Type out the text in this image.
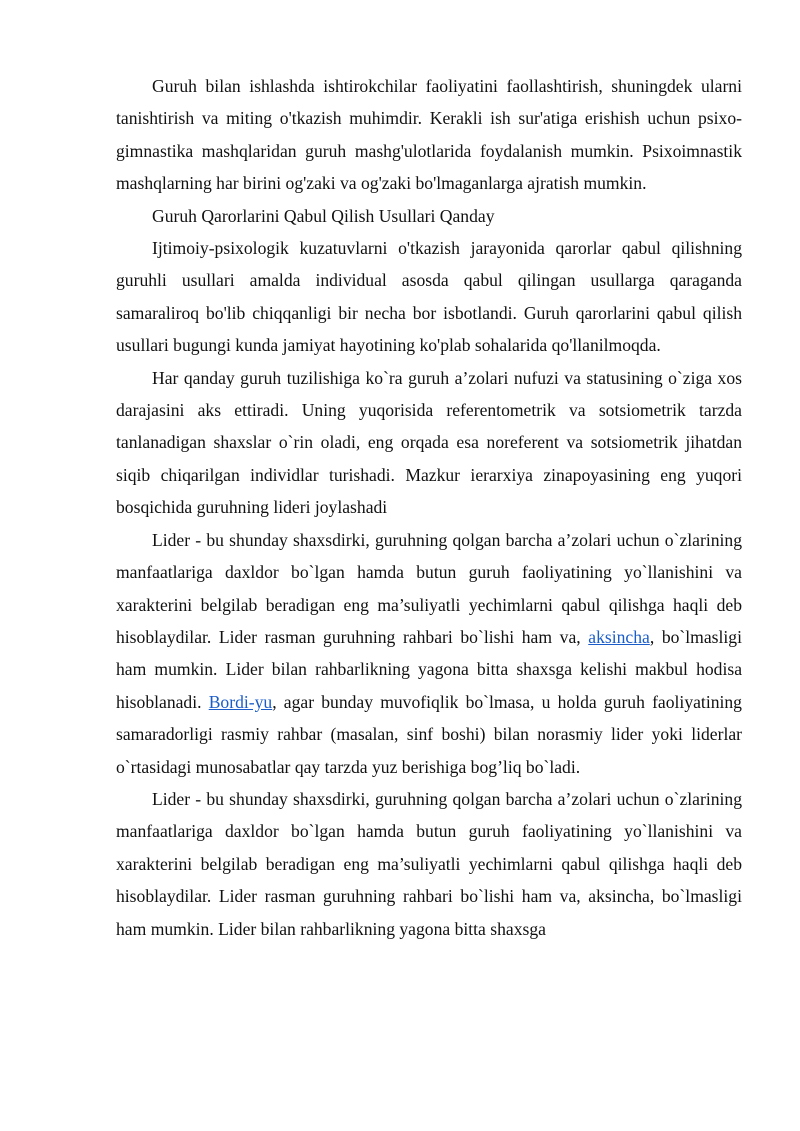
Guruh bilan ishlashda ishtirokchilar faoliyatini faollashtirish, shuningdek ularni tanishtirish va miting o'tkazish muhimdir. Kerakli ish sur'atiga erishish uchun psixo-gimnastika mashqlaridan guruh mashg'ulotlarida foydalanish mumkin. Psixoimnastik mashqlarning har birini og'zaki va og'zaki bo'lmaganlarga ajratish mumkin.

Guruh Qarorlarini Qabul Qilish Usullari Qanday

Ijtimoiy-psixologik kuzatuvlarni o'tkazish jarayonida qarorlar qabul qilishning guruhli usullari amalda individual asosda qabul qilingan usullarga qaraganda samaraliroq bo'lib chiqqanligi bir necha bor isbotlandi. Guruh qarorlarini qabul qilish usullari bugungi kunda jamiyat hayotining ko'plab sohalarida qo'llanilmoqda.

Har qanday guruh tuzilishiga ko`ra guruh a’zolari nufuzi va statusining o`ziga xos darajasini aks ettiradi. Uning yuqorisida referentometrik va sotsiometrik tarzda tanlanadigan shaxslar o`rin oladi, eng orqada esa noreferent va sotsiometrik jihatdan siqib chiqarilgan individlar turishadi. Mazkur ierarxiya zinapoyasining eng yuqori bosqichida guruhning lideri joylashadi

Lider - bu shunday shaxsdirki, guruhning qolgan barcha a’zolari uchun o`zlarining manfaatlariga daxldor bo`lgan hamda butun guruh faoliyatining yo`llanishini va xarakterini belgilab beradigan eng ma’suliyatli yechimlarni qabul qilishga haqli deb hisoblaydilar. Lider rasman guruhning rahbari bo`lishi ham va, aksincha, bo`lmasligi ham mumkin. Lider bilan rahbarlikning yagona bitta shaxsga kelishi makbul hodisa hisoblanadi. Bordi-yu, agar bunday muvofiqlik bo`lmasa, u holda guruh faoliyatining samaradorligi rasmiy rahbar (masalan, sinf boshi) bilan norasmiy lider yoki liderlar o`rtasidagi munosabatlar qay tarzda yuz berishiga bog’liq bo`ladi.

Lider - bu shunday shaxsdirki, guruhning qolgan barcha a’zolari uchun o`zlarining manfaatlariga daxldor bo`lgan hamda butun guruh faoliyatining yo`llanishini va xarakterini belgilab beradigan eng ma’suliyatli yechimlarni qabul qilishga haqli deb hisoblaydilar. Lider rasman guruhning rahbari bo`lishi ham va, aksincha, bo`lmasligi ham mumkin. Lider bilan rahbarlikning yagona bitta shaxsga
